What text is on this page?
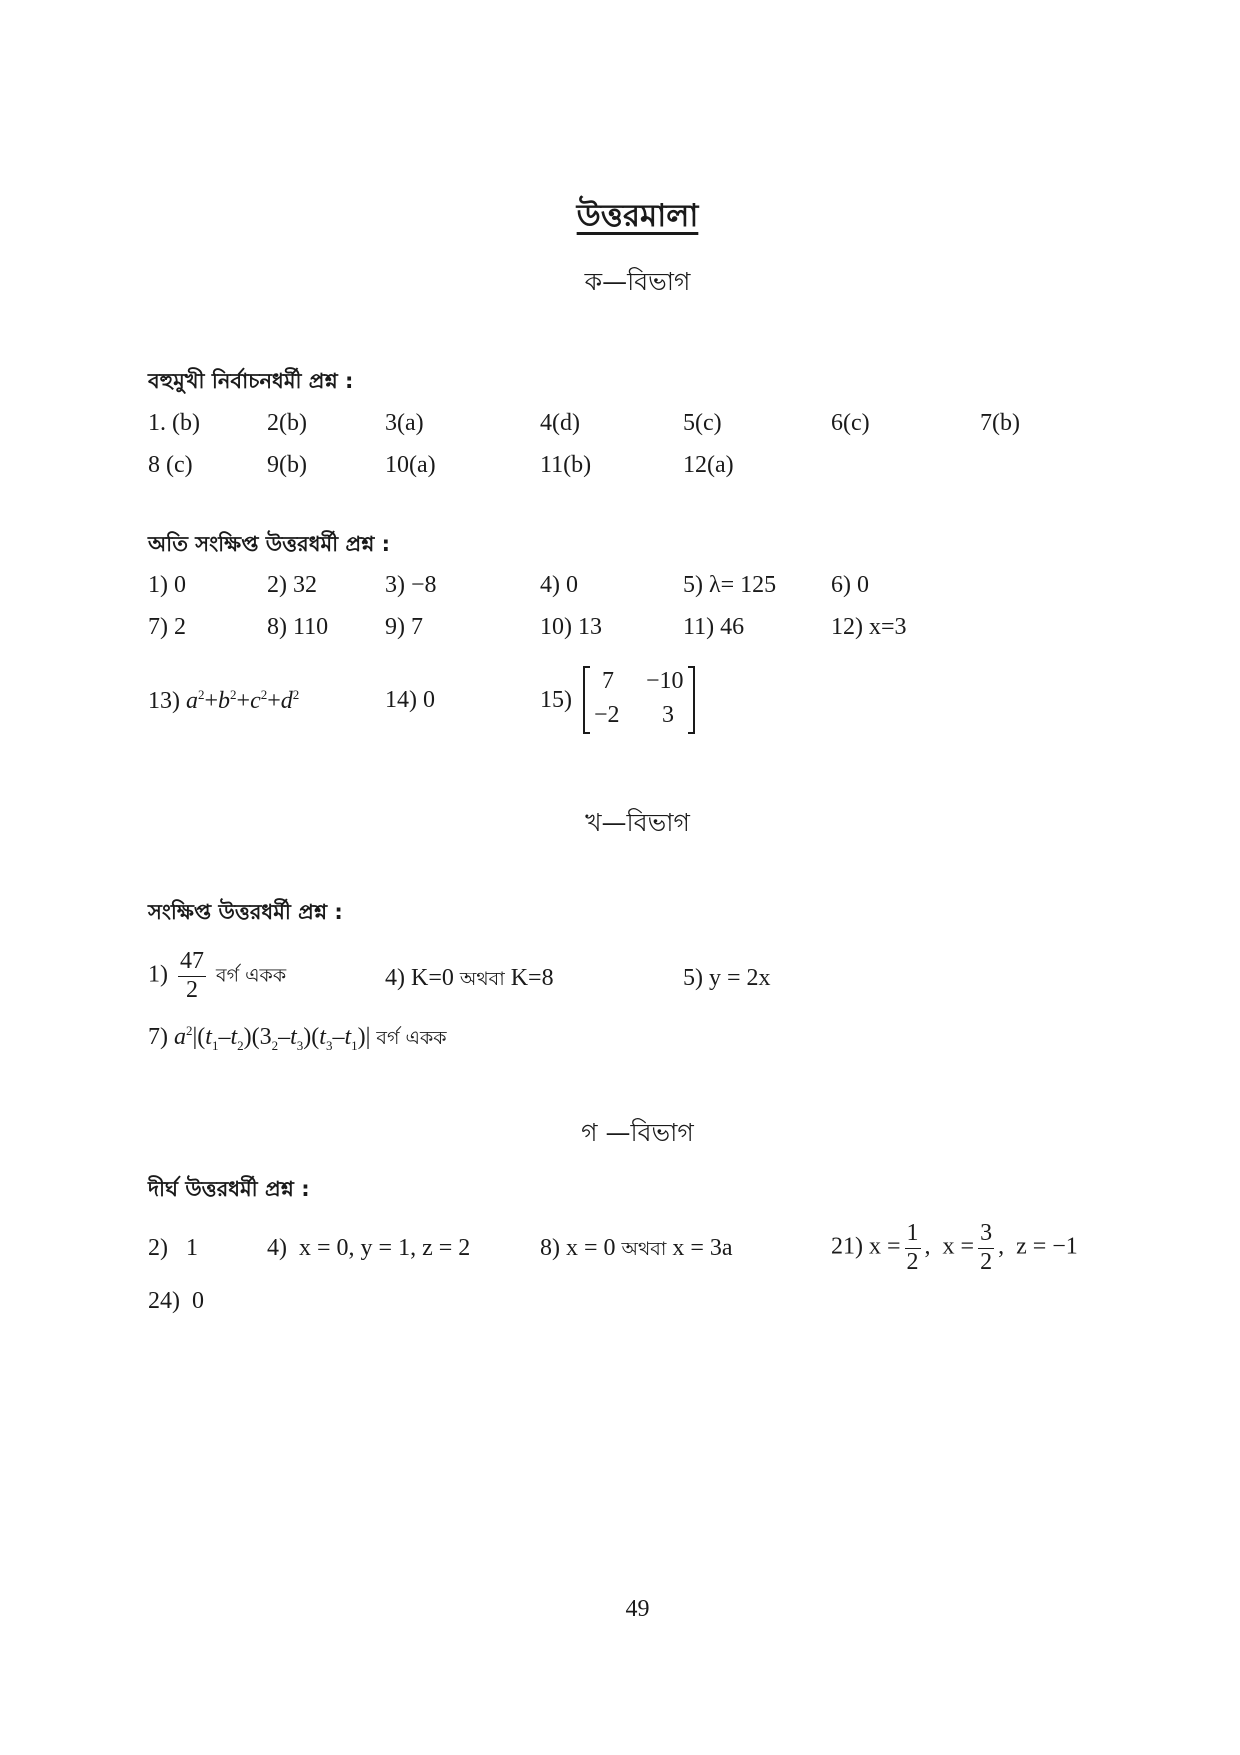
উত্তরমালা
ক—বিভাগ
বহুমুখী নির্বাচনধর্মী প্রশ্ন :
1. (b)	2(b)	3(a)	4(d)	5(c)	6(c)	7(b)
8 (c)	9(b)	10(a)	11(b)	12(a)
অতি সংক্ষিপ্ত উত্তরধর্মী প্রশ্ন :
1) 0	2) 32	3) −8	4) 0	5) λ= 125 6) 0
7) 2	8) 110 9) 7	10) 13	11) 46	12) x=3
13) $a^2+b^2+c^2+d^2$	14) 0	15)
7 −10
−2 3
খ—বিভাগ
সংক্ষিপ্ত উত্তরধর্মী প্রশ্ন :
$1) \frac{47}{2}$ বর্গ একক	4) K=0 অথবা K=8	5) y = 2x
7) $a^2|(t_1-t_2)(3_2-t_3)(t_3-t_1)|$ বর্গ একক
গ —বিভাগ
দীর্ঘ উত্তরধর্মী প্রশ্ন :
2)   1	4)  x = 0, y = 1, z = 2	8) x = 0 অথবা x = 3a	21) $x = \frac{1}{2}$ ,  $x = \frac{3}{2}$ ,  z = −1
24)  0
49
